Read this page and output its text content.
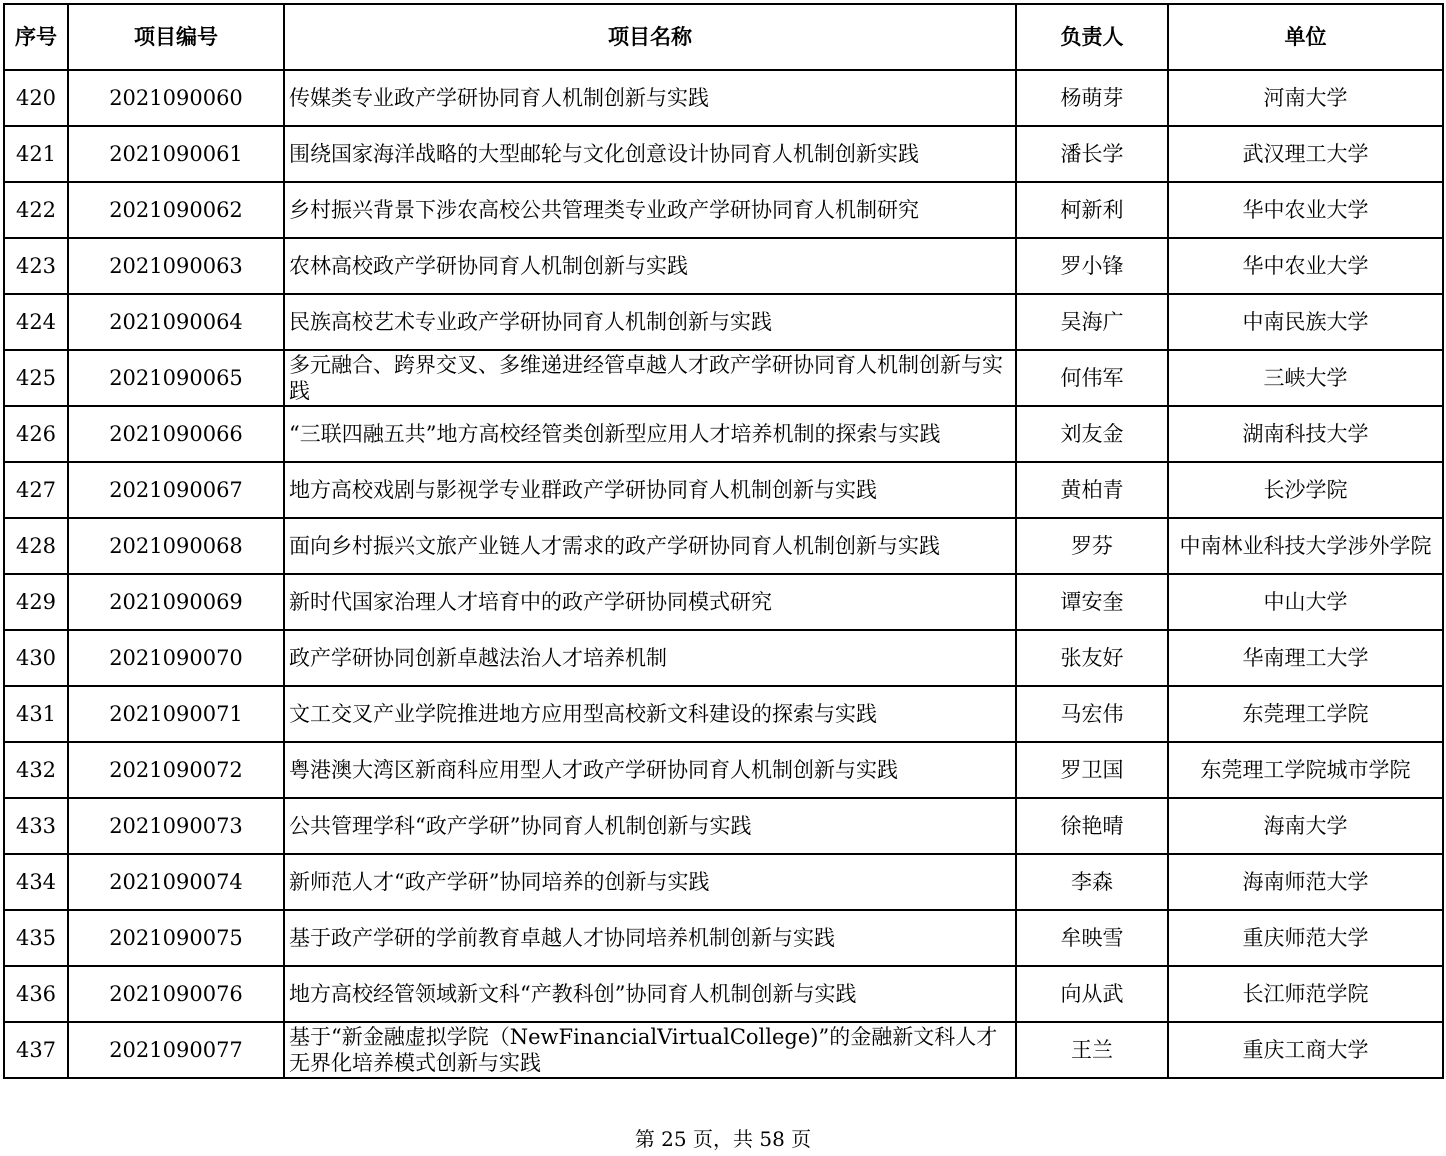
序号	项目编号	项目名称	负责人	单位
420	2021090060	传媒类专业政产学研协同育人机制创新与实践	杨萌芽	河南大学
421	2021090061	围绕国家海洋战略的大型邮轮与文化创意设计协同育人机制创新实践	潘长学	武汉理工大学
422	2021090062	乡村振兴背景下涉农高校公共管理类专业政产学研协同育人机制研究	柯新利	华中农业大学
423	2021090063	农林高校政产学研协同育人机制创新与实践	罗小锋	华中农业大学
424	2021090064	民族高校艺术专业政产学研协同育人机制创新与实践	吴海广	中南民族大学
425	2021090065	多元融合、跨界交叉、多维递进经管卓越人才政产学研协同育人机制创新与实践	何伟军	三峡大学
426	2021090066	“三联四融五共”地方高校经管类创新型应用人才培养机制的探索与实践	刘友金	湖南科技大学
427	2021090067	地方高校戏剧与影视学专业群政产学研协同育人机制创新与实践	黄柏青	长沙学院
428	2021090068	面向乡村振兴文旅产业链人才需求的政产学研协同育人机制创新与实践	罗芬	中南林业科技大学涉外学院
429	2021090069	新时代国家治理人才培育中的政产学研协同模式研究	谭安奎	中山大学
430	2021090070	政产学研协同创新卓越法治人才培养机制	张友好	华南理工大学
431	2021090071	文工交叉产业学院推进地方应用型高校新文科建设的探索与实践	马宏伟	东莞理工学院
432	2021090072	粤港澳大湾区新商科应用型人才政产学研协同育人机制创新与实践	罗卫国	东莞理工学院城市学院
433	2021090073	公共管理学科“政产学研”协同育人机制创新与实践	徐艳晴	海南大学
434	2021090074	新师范人才“政产学研”协同培养的创新与实践	李森	海南师范大学
435	2021090075	基于政产学研的学前教育卓越人才协同培养机制创新与实践	牟映雪	重庆师范大学
436	2021090076	地方高校经管领域新文科“产教科创”协同育人机制创新与实践	向从武	长江师范学院
437	2021090077	基于“新金融虚拟学院（NewFinancialVirtualCollege)”的金融新文科人才无界化培养模式创新与实践	王兰	重庆工商大学
第 25 页，共 58 页
